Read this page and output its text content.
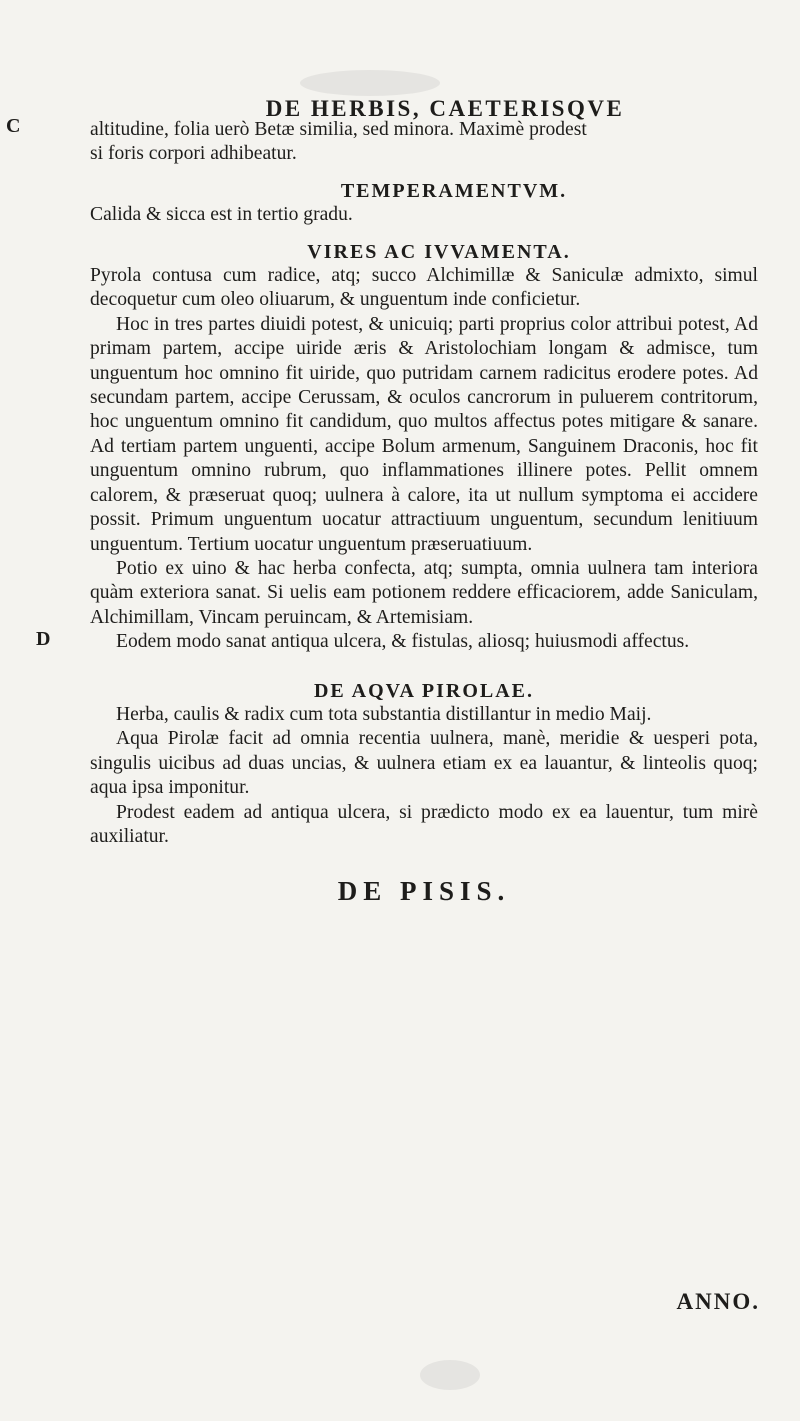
DE HERBIS, CAETERISQVE
C
D

altitudine, folia uerò Betæ similia, sed minora. Maximè prodest

si foris corpori adhibeatur.

TEMPERAMENTVM.

Calida & sicca est in tertio gradu.

VIRES AC IVVAMENTA.

Pyrola contusa cum radice, atq; succo Alchimillæ & Saniculæ admixto, simul decoquetur cum oleo oliuarum, & unguentum inde conficietur.

Hoc in tres partes diuidi potest, & unicuiq; parti proprius color attribui potest, Ad primam partem, accipe uiride æris & Aristolochiam longam & admisce, tum unguentum hoc omnino fit uiride, quo putridam carnem radicitus erodere potes. Ad secundam partem, accipe Cerussam, & oculos cancrorum in puluerem contritorum, hoc unguentum omnino fit candidum, quo multos affectus potes mitigare & sanare. Ad tertiam partem unguenti, accipe Bolum armenum, Sanguinem Draconis, hoc fit unguentum omnino rubrum, quo inflammationes illinere potes. Pellit omnem calorem, & præseruat quoq; uulnera à calore, ita ut nullum symptoma ei accidere possit. Primum unguentum uocatur attractiuum unguentum, secundum lenitiuum unguentum. Tertium uocatur unguentum præseruatiuum.

Potio ex uino & hac herba confecta, atq; sumpta, omnia uulnera tam interiora quàm exteriora sanat. Si uelis eam potionem reddere efficaciorem, adde Saniculam, Alchimillam, Vincam peruincam, & Artemisiam.

Eodem modo sanat antiqua ulcera, & fistulas, aliosq; huiusmodi affectus.

DE AQVA PIROLAE.

Herba, caulis & radix cum tota substantia distillantur in medio Maij.

Aqua Pirolæ facit ad omnia recentia uulnera, manè, meridie & uesperi pota, singulis uicibus ad duas uncias, & uulnera etiam ex ea lauantur, & linteolis quoq; aqua ipsa imponitur.

Prodest eadem ad antiqua ulcera, si prædicto modo ex ea lauentur, tum mirè auxiliatur.

DE PISIS.
ANNO.
